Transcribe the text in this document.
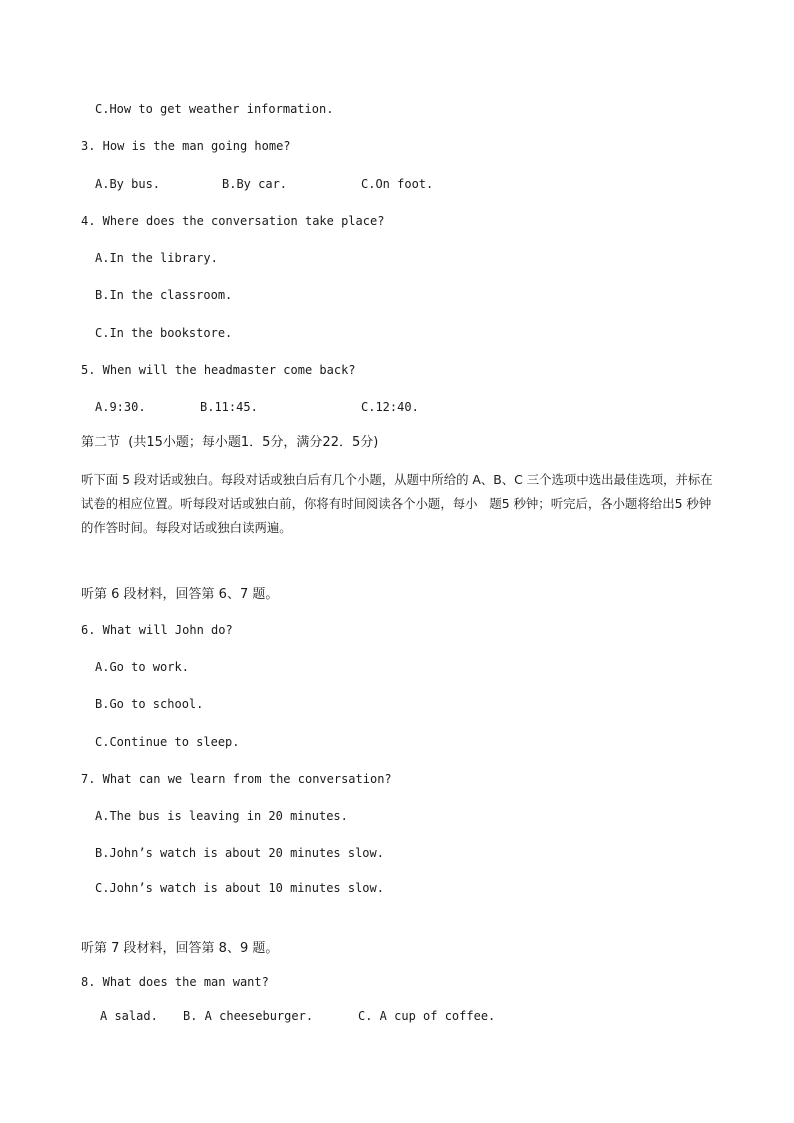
C.How to get weather information.
3. How is the man going home?
A.By bus.	B.By car.	C.On foot.
4. Where does the conversation take place?
A.In the library.
B.In the classroom.
C.In the bookstore.
5. When will the headmaster come back?
A.9:30.	B.11:45.	C.12:40.
第二节  (共15小题；每小题1．5分，满分22．5分)
听下面 5 段对话或独白。每段对话或独白后有几个小题，从题中所给的 A、B、C 三个选项中选出最佳选项，并标在
试卷的相应位置。听每段对话或独白前，你将有时间阅读各个小题，每小   题5 秒钟；听完后，各小题将给出5 秒钟
的作答时间。每段对话或独白读两遍。
听第 6 段材料，回答第 6、7 题。
6. What will John do?
A.Go to work.
B.Go to school.
C.Continue to sleep.
7. What can we learn from the conversation?
A.The bus is leaving in 20 minutes.
B.John’s watch is about 20 minutes slow.
C.John’s watch is about 10 minutes slow.
听第 7 段材料，回答第 8、9 题。
8. What does the man want?
A salad. B. A cheeseburger.	C. A cup of coffee.
